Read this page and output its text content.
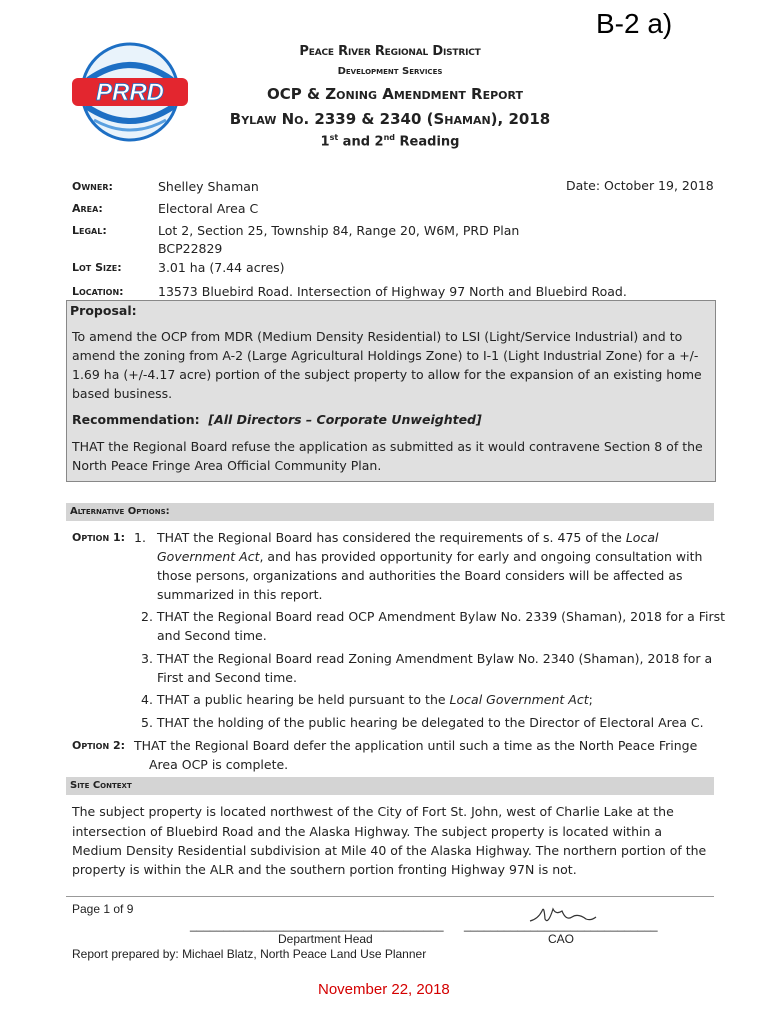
B-2 a)
PRRD
Peace River Regional District
Development Services
OCP & Zoning Amendment Report
Bylaw No. 2339 & 2340 (Shaman), 2018
1st and 2nd Reading
Owner:	Shelley Shaman	Date: October 19, 2018
Area:	Electoral Area C
Legal:	Lot 2, Section 25, Township 84, Range 20, W6M, PRD Plan
BCP22829
Lot Size:	3.01 ha (7.44 acres)
Location:	13573 Bluebird Road. Intersection of Highway 97 North and Bluebird Road.
Proposal:
To amend the OCP from MDR (Medium Density Residential) to LSI (Light/Service Industrial) and to
amend the zoning from A-2 (Large Agricultural Holdings Zone) to I-1 (Light Industrial Zone) for a +/-
1.69 ha (+/-4.17 acre) portion of the subject property to allow for the expansion of an existing home
based business.
Recommendation: [All Directors – Corporate Unweighted]
THAT the Regional Board refuse the application as submitted as it would contravene Section 8 of the
North Peace Fringe Area Official Community Plan.
Alternative Options:
Option 1: 1. THAT the Regional Board has considered the requirements of s. 475 of the Local
Government Act, and has provided opportunity for early and ongoing consultation with
those persons, organizations and authorities the Board considers will be affected as
summarized in this report.
2. THAT the Regional Board read OCP Amendment Bylaw No. 2339 (Shaman), 2018 for a First
and Second time.
3. THAT the Regional Board read Zoning Amendment Bylaw No. 2340 (Shaman), 2018 for a
First and Second time.
4. THAT a public hearing be held pursuant to the Local Government Act;
5. THAT the holding of the public hearing be delegated to the Director of Electoral Area C.
Option 2: THAT the Regional Board defer the application until such a time as the North Peace Fringe
Area OCP is complete.
Site Context
The subject property is located northwest of the City of Fort St. John, west of Charlie Lake at the
intersection of Bluebird Road and the Alaska Highway. The subject property is located within a
Medium Density Residential subdivision at Mile 40 of the Alaska Highway. The northern portion of the
property is within the ALR and the southern portion fronting Highway 97N is not.
Page 1 of 9
______________________________________ _____________________________
Department Head	CAO
Report prepared by: Michael Blatz, North Peace Land Use Planner
November 22, 2018
